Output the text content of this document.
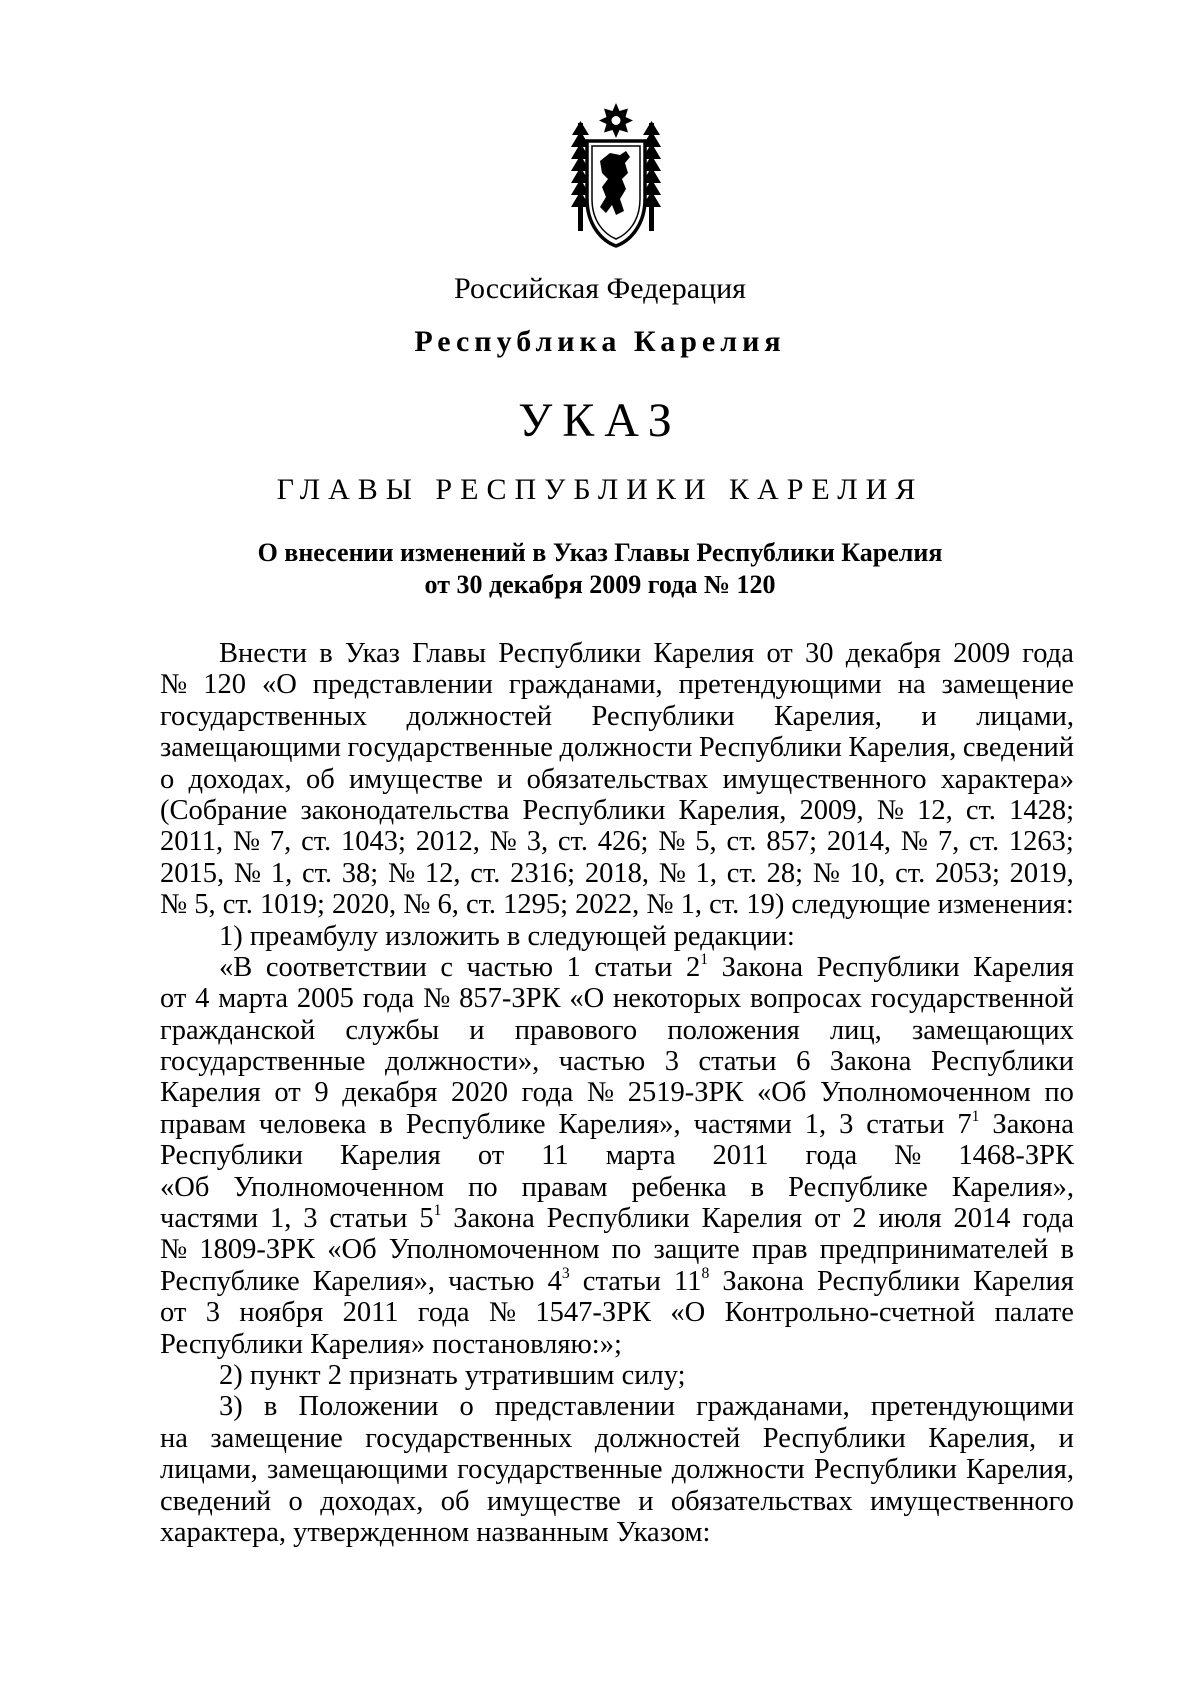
Российская Федерация
Республика Карелия
УКАЗ
ГЛАВЫ РЕСПУБЛИКИ КАРЕЛИЯ
О внесении изменений в Указ Главы Республики Карелия
от 30 декабря 2009 года № 120
Внести в Указ Главы Республики Карелия от 30 декабря 2009 года
№ 120 «О представлении гражданами, претендующими на замещение
государственных должностей Республики Карелия, и лицами,
замещающими государственные должности Республики Карелия, сведений
о доходах, об имуществе и обязательствах имущественного характера»
(Собрание законодательства Республики Карелия, 2009, № 12, ст. 1428;
2011, № 7, ст. 1043; 2012, № 3, ст. 426; № 5, ст. 857; 2014, № 7, ст. 1263;
2015, № 1, ст. 38; № 12, ст. 2316; 2018, № 1, ст. 28; № 10, ст. 2053; 2019,
№ 5, ст. 1019; 2020, № 6, ст. 1295; 2022, № 1, ст. 19) следующие изменения:
1) преамбулу изложить в следующей редакции:
«В соответствии с частью 1 статьи $2^1$ Закона Республики Карелия
от 4 марта 2005 года № 857-ЗРК «О некоторых вопросах государственной
гражданской службы и правового положения лиц, замещающих
государственные должности», частью 3 статьи 6 Закона Республики
Карелия от 9 декабря 2020 года № 2519-ЗРК «Об Уполномоченном по
правам человека в Республике Карелия», частями 1, 3 статьи $7^1$ Закона
Республики Карелия от 11 марта 2011 года № 1468-ЗРК
«Об Уполномоченном по правам ребенка в Республике Карелия»,
частями 1, 3 статьи $5^1$ Закона Республики Карелия от 2 июля 2014 года
№ 1809-ЗРК «Об Уполномоченном по защите прав предпринимателей в
Республике Карелия», частью $4^3$ статьи $11^8$ Закона Республики Карелия
от 3 ноября 2011 года № 1547-ЗРК «О Контрольно-счетной палате
Республики Карелия» постановляю:»;
2) пункт 2 признать утратившим силу;
3) в Положении о представлении гражданами, претендующими
на замещение государственных должностей Республики Карелия, и
лицами, замещающими государственные должности Республики Карелия,
сведений о доходах, об имуществе и обязательствах имущественного
характера, утвержденном названным Указом:
